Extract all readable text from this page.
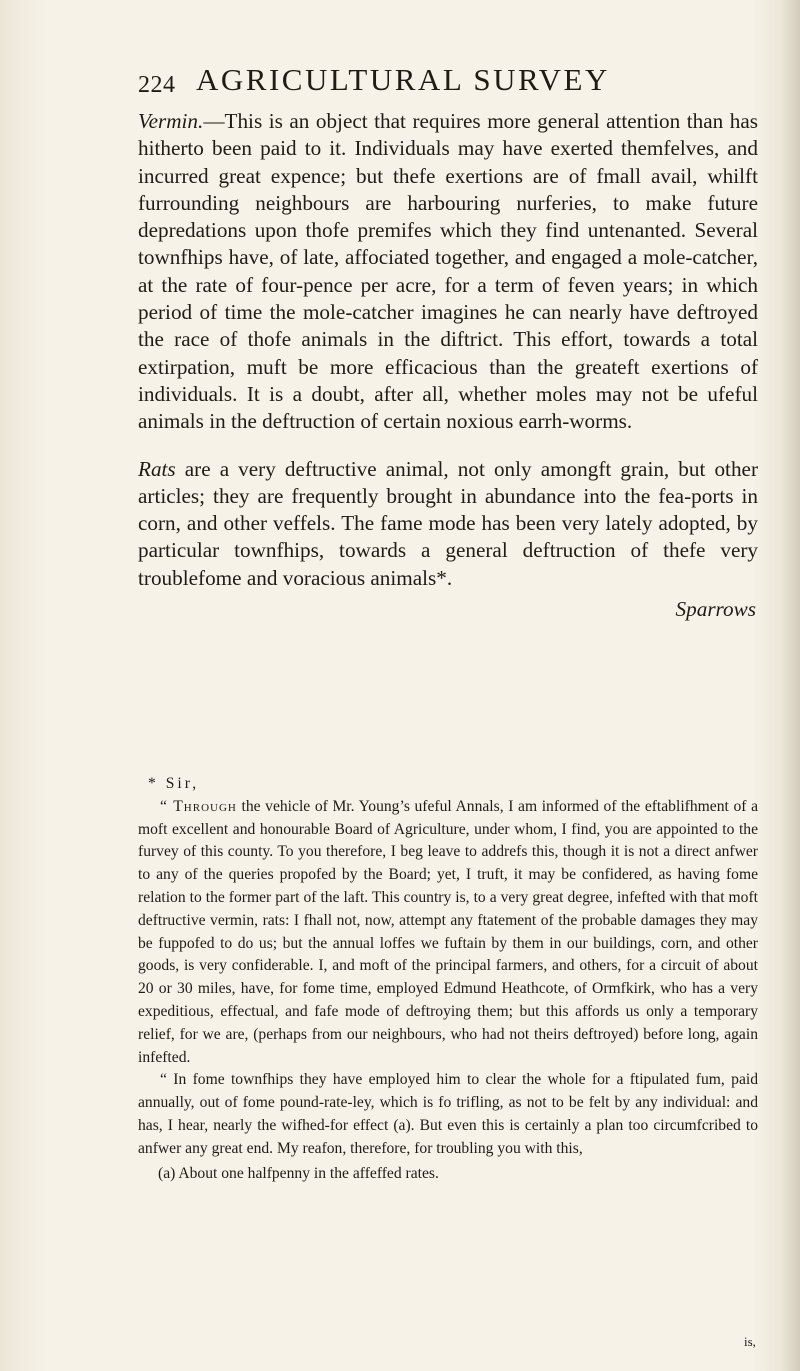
224 AGRICULTURAL SURVEY

Vermin.—This is an object that requires more general attention than has hitherto been paid to it. Individuals may have exerted themfelves, and incurred great expence; but thefe exertions are of fmall avail, whilft furrounding neighbours are harbouring nurferies, to make future depredations upon thofe premifes which they find untenanted. Several townfhips have, of late, affociated together, and engaged a mole-catcher, at the rate of four-pence per acre, for a term of feven years; in which period of time the mole-catcher imagines he can nearly have deftroyed the race of thofe animals in the diftrict. This effort, towards a total extirpation, muft be more efficacious than the greateft exertions of individuals. It is a doubt, after all, whether moles may not be ufeful animals in the deftruction of certain noxious earrh-worms.

Rats are a very deftructive animal, not only amongft grain, but other articles; they are frequently brought in abundance into the fea-ports in corn, and other veffels. The fame mode has been very lately adopted, by particular townfhips, towards a general deftruction of thefe very troublefome and voracious animals*.

Sparrows

* Sir,

“ Through the vehicle of Mr. Young’s ufeful Annals, I am informed of the eftablifhment of a moft excellent and honourable Board of Agriculture, under whom, I find, you are appointed to the furvey of this county. To you therefore, I beg leave to addrefs this, though it is not a direct anfwer to any of the queries propofed by the Board; yet, I truft, it may be confidered, as having fome relation to the former part of the laft. This country is, to a very great degree, infefted with that moft deftructive vermin, rats: I fhall not, now, attempt any ftatement of the probable damages they may be fuppofed to do us; but the annual loffes we fuftain by them in our buildings, corn, and other goods, is very confiderable. I, and moft of the principal farmers, and others, for a circuit of about 20 or 30 miles, have, for fome time, employed Edmund Heathcote, of Ormfkirk, who has a very expeditious, effectual, and fafe mode of deftroying them; but this affords us only a temporary relief, for we are, (perhaps from our neighbours, who had not theirs deftroyed) before long, again infefted.

“ In fome townfhips they have employed him to clear the whole for a ftipulated fum, paid annually, out of fome pound-rate-ley, which is fo trifling, as not to be felt by any individual: and has, I hear, nearly the wifhed-for effect (a). But even this is certainly a plan too circumfcribed to anfwer any great end. My reafon, therefore, for troubling you with this,

(a) About one halfpenny in the affeffed rates.

is,
